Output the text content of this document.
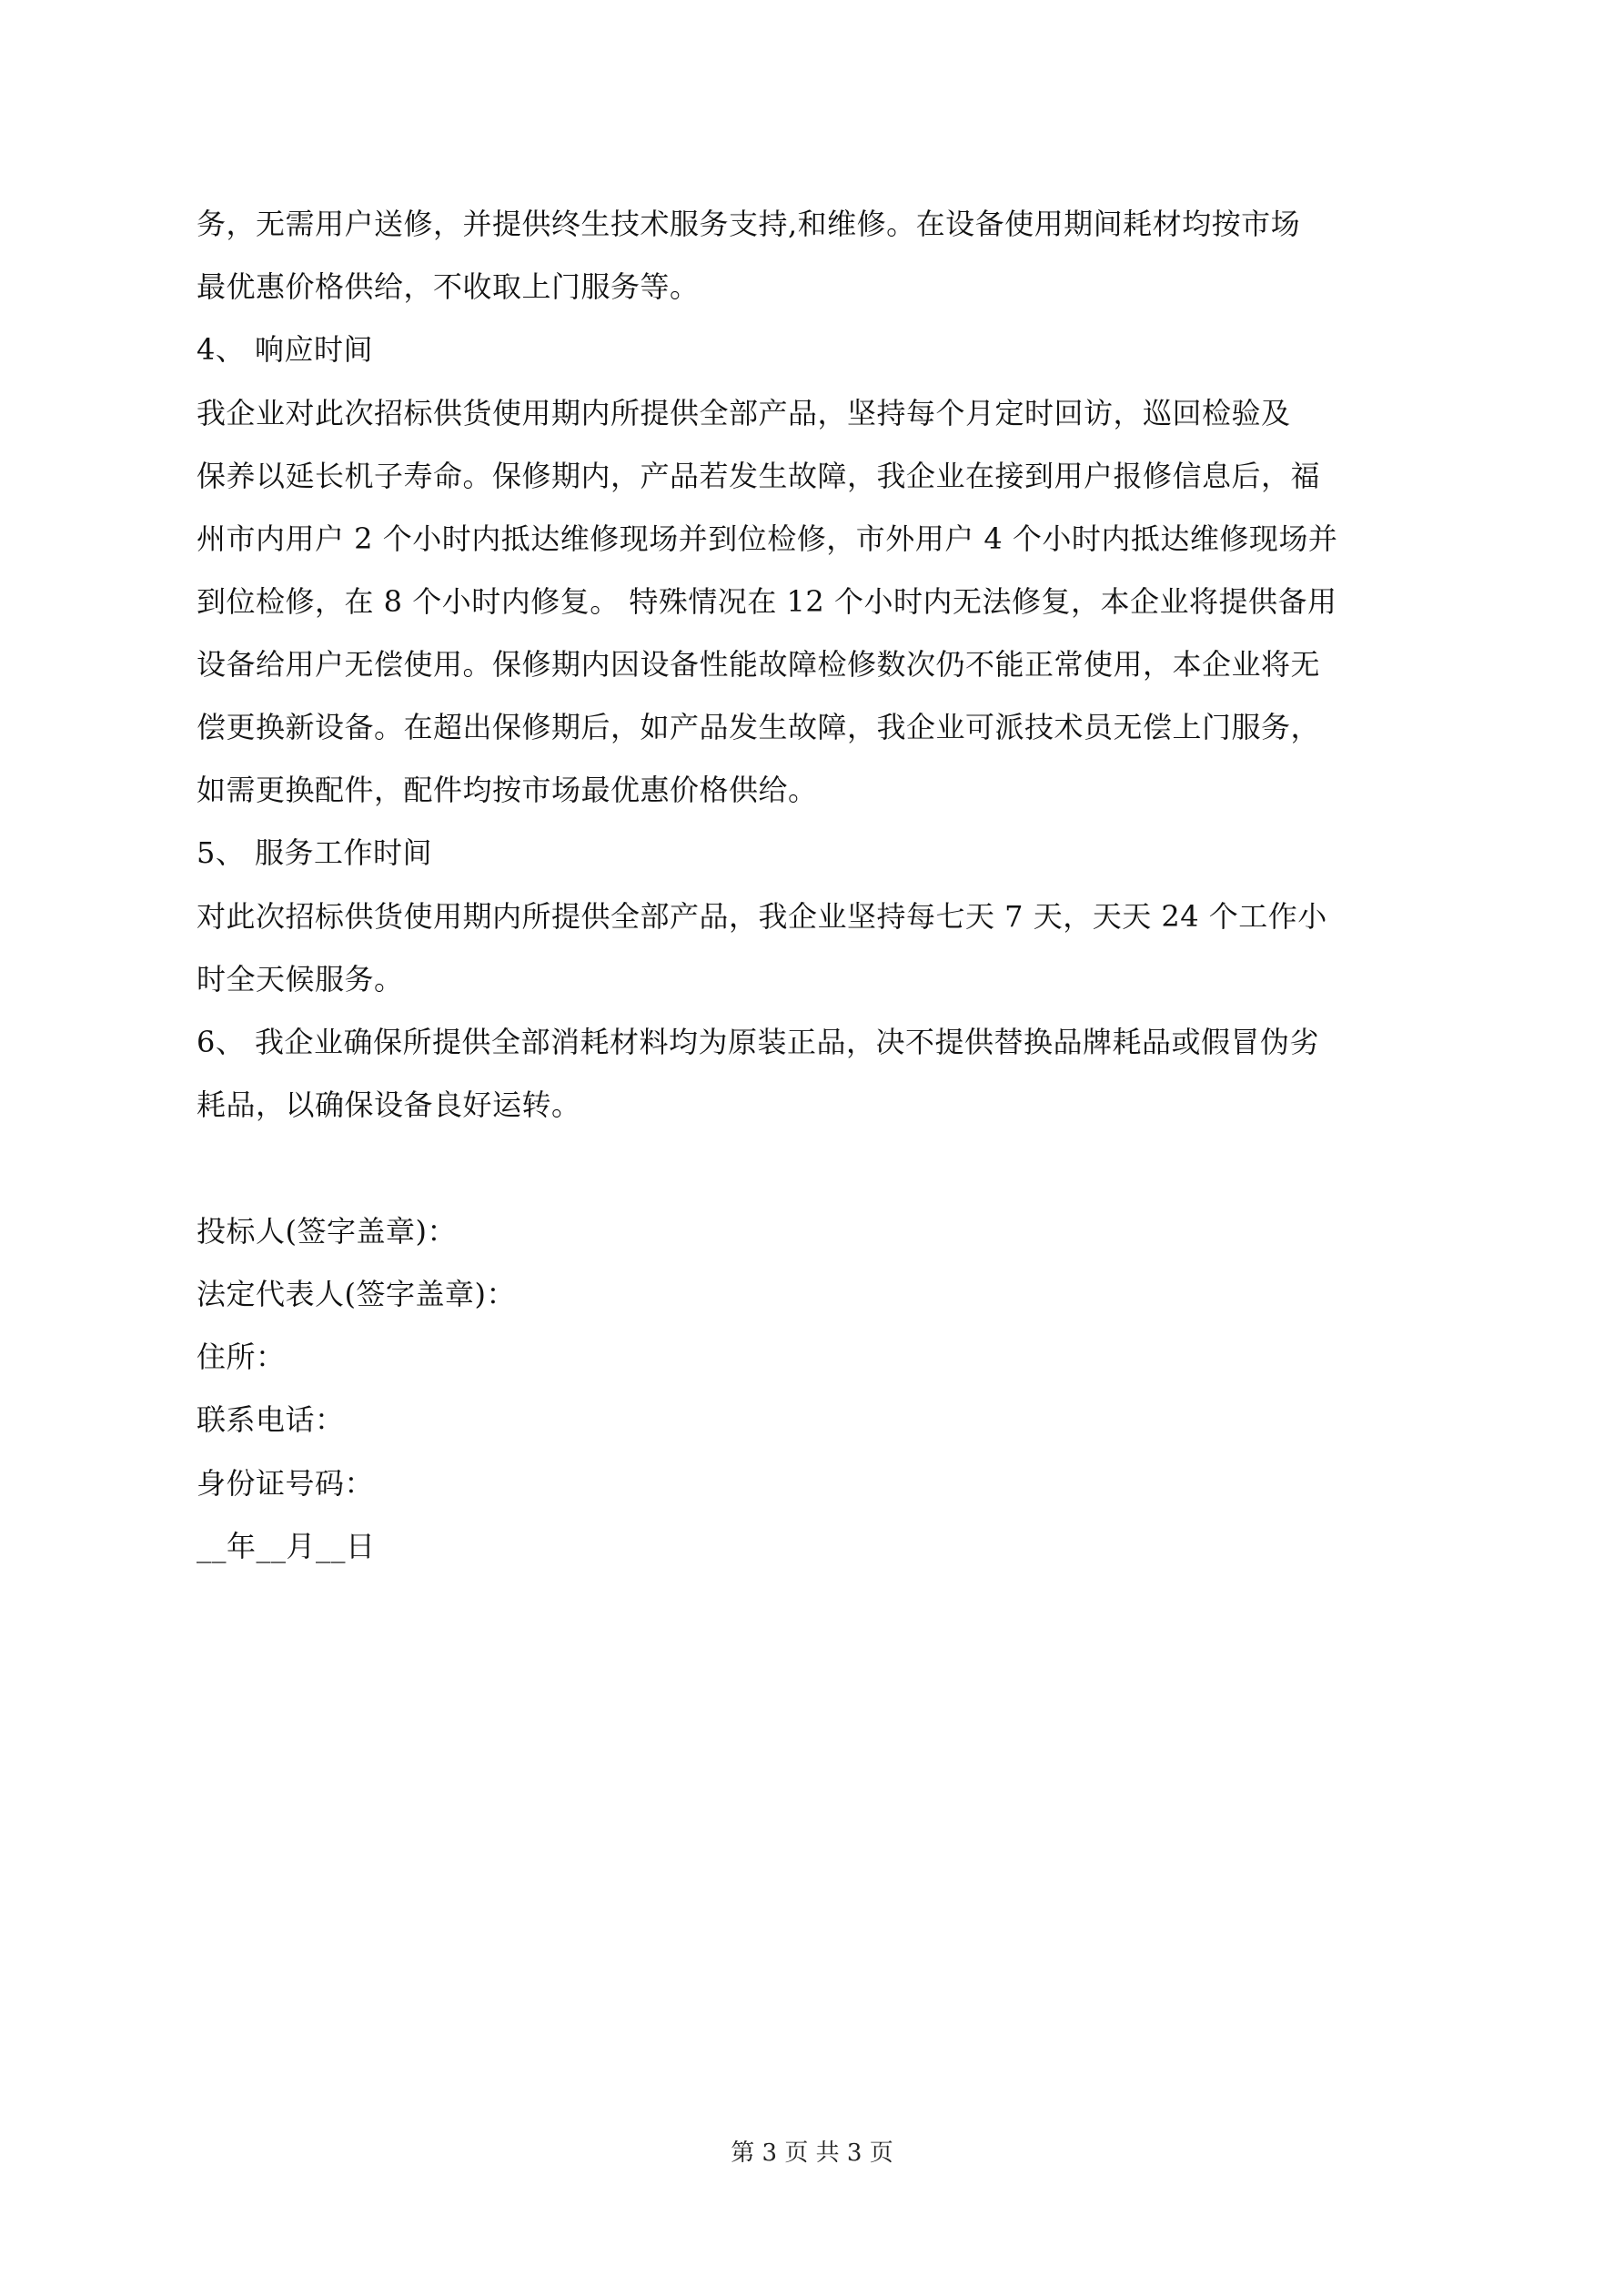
务，无需用户送修，并提供终生技术服务支持,和维修。在设备使用期间耗材均按市场
最优惠价格供给，不收取上门服务等。
4、 响应时间
我企业对此次招标供货使用期内所提供全部产品，坚持每个月定时回访，巡回检验及
保养以延长机子寿命。保修期内，产品若发生故障，我企业在接到用户报修信息后，福
州市内用户 2 个小时内抵达维修现场并到位检修，市外用户 4 个小时内抵达维修现场并
到位检修，在 8 个小时内修复。 特殊情况在 12 个小时内无法修复，本企业将提供备用
设备给用户无偿使用。保修期内因设备性能故障检修数次仍不能正常使用，本企业将无
偿更换新设备。在超出保修期后，如产品发生故障，我企业可派技术员无偿上门服务，
如需更换配件，配件均按市场最优惠价格供给。
5、 服务工作时间
对此次招标供货使用期内所提供全部产品，我企业坚持每七天 7 天，天天 24 个工作小
时全天候服务。
6、 我企业确保所提供全部消耗材料均为原装正品，决不提供替换品牌耗品或假冒伪劣
耗品，以确保设备良好运转。
投标人(签字盖章)：
法定代表人(签字盖章)：
住所：
联系电话：
身份证号码：
__年__月__日
第 3 页 共 3 页
